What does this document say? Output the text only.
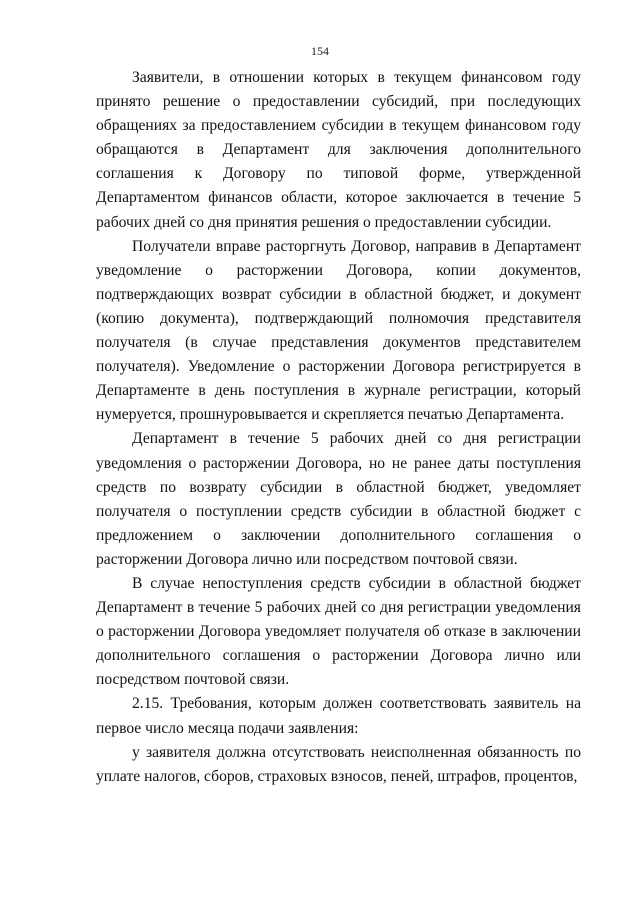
154

Заявители, в отношении которых в текущем финансовом году принято решение о предоставлении субсидий, при последующих обращениях за предоставлением субсидии в текущем финансовом году обращаются в Департамент для заключения дополнительного соглашения к Договору по типовой форме, утвержденной Департаментом финансов области, которое заключается в течение 5 рабочих дней со дня принятия решения о предоставлении субсидии.

Получатели вправе расторгнуть Договор, направив в Департамент уведомление о расторжении Договора, копии документов, подтверждающих возврат субсидии в областной бюджет, и документ (копию документа), подтверждающий полномочия представителя получателя (в случае представления документов представителем получателя). Уведомление о расторжении Договора регистрируется в Департаменте в день поступления в журнале регистрации, который нумеруется, прошнуровывается и скрепляется печатью Департамента.

Департамент в течение 5 рабочих дней со дня регистрации уведомления о расторжении Договора, но не ранее даты поступления средств по возврату субсидии в областной бюджет, уведомляет получателя о поступлении средств субсидии в областной бюджет с предложением о заключении дополнительного соглашения о расторжении Договора лично или посредством почтовой связи.

В случае непоступления средств субсидии в областной бюджет Департамент в течение 5 рабочих дней со дня регистрации уведомления о расторжении Договора уведомляет получателя об отказе в заключении дополнительного соглашения о расторжении Договора лично или посредством почтовой связи.

2.15. Требования, которым должен соответствовать заявитель на первое число месяца подачи заявления:

у заявителя должна отсутствовать неисполненная обязанность по уплате налогов, сборов, страховых взносов, пеней, штрафов, процентов,
